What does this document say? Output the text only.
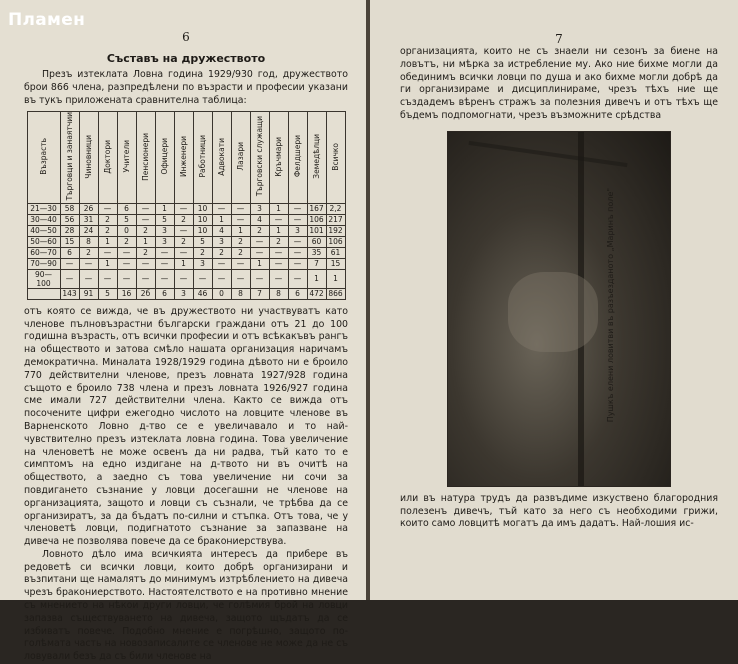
Пламен
6
Съставъ на дружеството

Презъ изтеклата Ловна година 1929/930 год, дружеството брои 866 члена, разпредѣлени по възрасти и професии указани въ тукъ приложената сравнителна таблица:

Възрасть	Търговци и занаятчии	Чиновници	Доктори	Учители	Пенсионери	Офицери	Инженери	Работници	Адвокати	Лазари	Търговски служащи	Кръчмари	Фелдшери	Земедѣлци	Всичко
21—30	58	26	—	6	—	1	—	10	—	—	3	1	—	167	2,2
30—40	56	31	2	5	—	5	2	10	1	—	4	—	—	106	217
40—50	28	24	2	0	2	3	—	10	4	1	2	1	3	101	192
50—60	15	8	1	2	1	3	2	5	3	2	—	2	—	60	106
60—70	6	2	—	—	2	—	—	2	2	2	—	—	—	35	61
70—90	—	—	1	—	—	—	1	3	—	—	1	—	—	7	15
90—100	—	—	—	—	—	—	—	—	—	—	—	—	—	1	1
	143	91	5	16	2б	6	3	46	0	8	7	8	6	472	866

отъ която се вижда, че въ дружеството ни участвуватъ като членове пълновъзрастни български граждани отъ 21 до 100 годишна възрасть, отъ всички професии и отъ всѣкакъвъ рангъ на обществото и затова смѣло нашата организация наричамъ демократична. Миналата 1928/1929 година дѣвото ни е броило 770 действителни членове, презъ ловната 1927/928 година същото е броило 738 члена и презъ ловната 1926/927 година сме имали 727 действителни члена. Както се вижда отъ посочените цифри ежегодно числото на ловците членове въ Варненското Ловно д-тво се е увеличавало и то най-чувствително презъ изтеклата ловна година. Това увеличение на членоветѣ не може освенъ да ни радва, тъй като то е симптомъ на едно издигане на д-твото ни въ очитѣ на обществото, а заедно съ това увеличение ни сочи за повдигането съзнание у ловци досегашни не членове на организацията, защото и ловци съ съзнали, че трѣбва да се организиратъ, за да бъдатъ по-силни и стъпка. Отъ това, че у членоветѣ ловци, подигнатото съзнание за запазване на дивеча не позволява повече да се бракониерствува.

Ловното дѣло има всичкията интересъ да прибере въ редоветѣ си всички ловци, които добрѣ организирани и възпитани ще намалятъ до минимумъ изтрѣблението на дивеча чрезъ бракониерството. Настоятелството е на противно мнение съ мнението на нѣкои други ловци, че голѣмия брой на ловци запазва съществуването на дивеча, защото щъдатъ да се избиватъ повече. Подобно мнение е погрѣшно, защото по-голѣмата часть на новозаписалите се членове не може да не съ ловували безъ да съ били членове на

7

организацията, които не съ знаели ни сезонъ за биене на ловътъ, ни мѣрка за истребление му. Ако ние бихме могли да обединимъ всички ловци по душа и ако бихме могли добрѣ да ги организираме и дисциплинираме, чрезъ тѣхъ ние ще създадемъ вѣренъ стражъ за полезния дивечъ и отъ тѣхъ ще бъдемъ подпомогнати, чрезъ възможните срѣдства

Пушкъ елени ловитви въ разъезданото „Маринъ поле"

или въ натура трудъ да развъдиме изкуствено благородния полезенъ дивечъ, тъй като за него съ необходими грижи, които само ловцитѣ могатъ да имъ дадатъ. Най-лошия ис-
